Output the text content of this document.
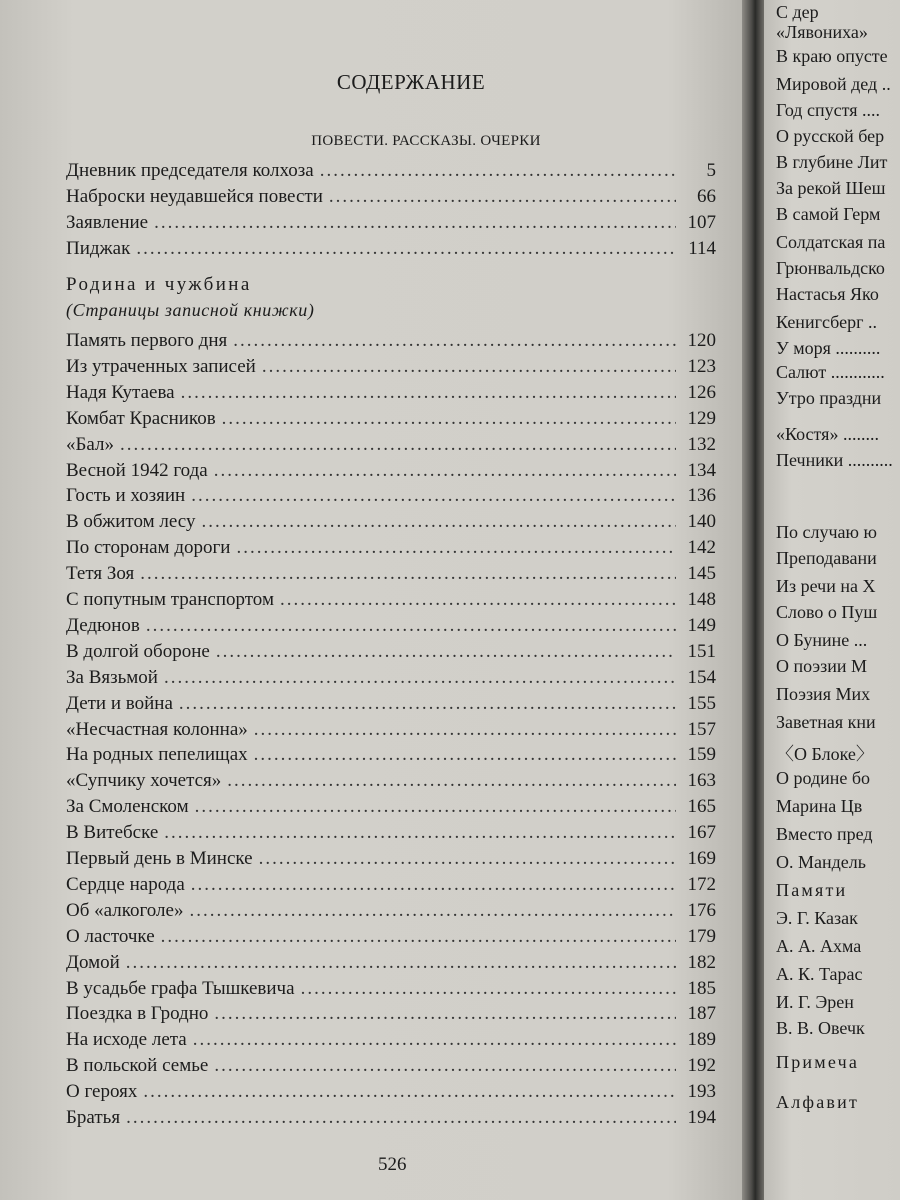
СОДЕРЖАНИЕ
ПОВЕСТИ. РАССКАЗЫ. ОЧЕРКИ
Дневник председателя колхоза .....	5
Наброски неудавшейся повести .....	66
Заявление .....	107
Пиджак .....	114
Родина и чужбина
(Страницы записной книжки)
Память первого дня .....	120
Из утраченных записей .....	123
Надя Кутаева .....	126
Комбат Красников .....	129
«Бал» .....	132
Весной 1942 года .....	134
Гость и хозяин .....	136
В обжитом лесу .....	140
По сторонам дороги .....	142
Тетя Зоя .....	145
С попутным транспортом .....	148
Дедюнов .....	149
В долгой обороне .....	151
За Вязьмой .....	154
Дети и война .....	155
«Несчастная колонна» .....	157
На родных пепелищах .....	159
«Супчику хочется» .....	163
За Смоленском .....	165
В Витебске .....	167
Первый день в Минске .....	169
Сердце народа .....	172
Об «алкоголе» .....	176
О ласточке .....	179
Домой .....	182
В усадьбе графа Тышкевича .....	185
Поездка в Гродно .....	187
На исходе лета .....	189
В польской семье .....	192
О героях .....	193
Братья .....	194
526
С дер
«Лявониха»
В краю опусте
Мировой дед ..
Год спустя ....
О русской бер
В глубине Лит
За рекой Шеш
В самой Герм
Солдатская па
Грюнвальдско
Настасья Яко
Кенигсберг ..
У моря ..........
Салют ............
Утро праздни
«Костя» ........
Печники ..........
По случаю ю
Преподавани
Из речи на Х
Слово о Пуш
О Бунине ...
О поэзии М
Поэзия Мих
Заветная кни
〈О Блоке〉
О родине бо
Марина Цв
Вместо пред
О. Мандель
Памяти
Э. Г. Казак
А. А. Ахма
А. К. Тарас
И. Г. Эрен
В. В. Овечк
Примеча
Алфавит
